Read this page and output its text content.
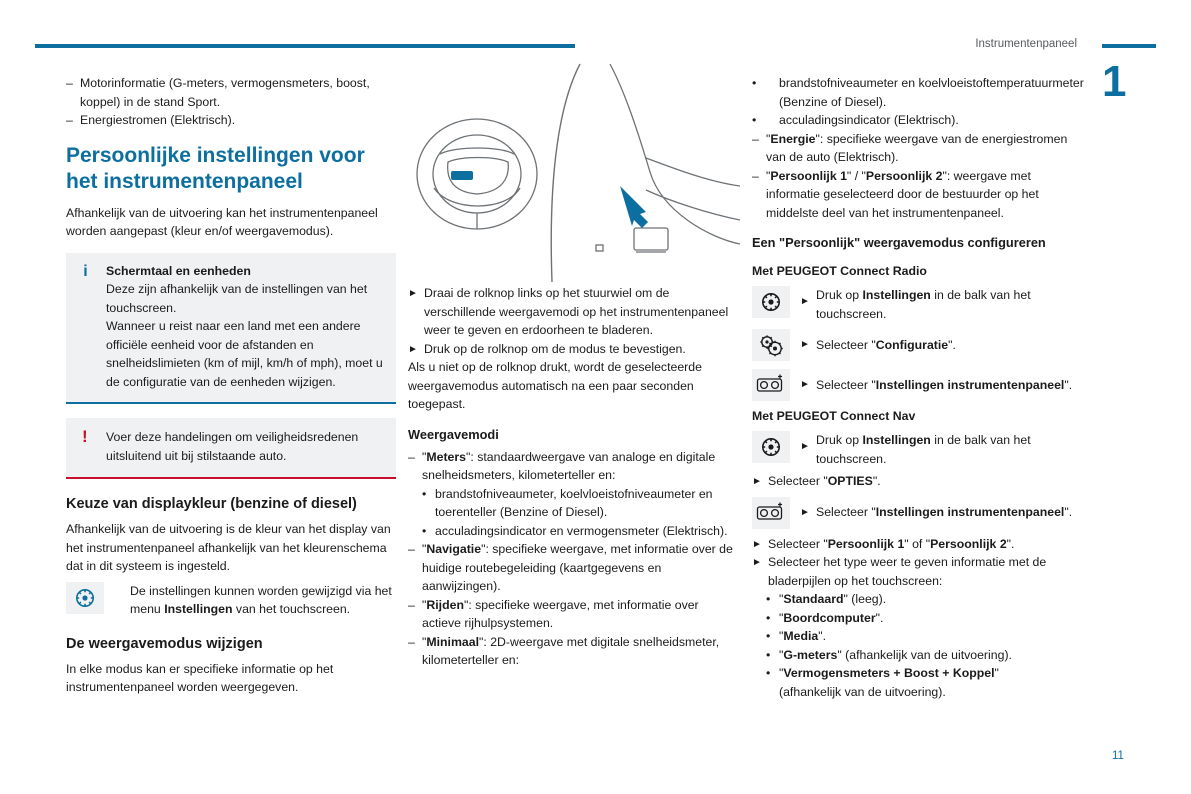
Instrumentenpaneel
1
11
– Motorinformatie (G-meters, vermogensmeters, boost, koppel) in de stand Sport.
– Energiestromen (Elektrisch).
Persoonlijke instellingen voor het instrumentenpaneel

Afhankelijk van de uitvoering kan het instrumentenpaneel worden aangepast (kleur en/of weergavemodus).

i Schermtaal en eenheden
Deze zijn afhankelijk van de instellingen van het touchscreen.
Wanneer u reist naar een land met een andere officiële eenheid voor de afstanden en snelheidslimieten (km of mijl, km/h of mph), moet u de configuratie van de eenheden wijzigen.
! Voer deze handelingen om veiligheidsredenen uitsluitend uit bij stilstaande auto.
Keuze van displaykleur (benzine of diesel)

Afhankelijk van de uitvoering is de kleur van het display van het instrumentenpaneel afhankelijk van het kleurenschema dat in dit systeem is ingesteld.

De instellingen kunnen worden gewijzigd via het menu Instellingen van het touchscreen.
De weergavemodus wijzigen

In elke modus kan er specifieke informatie op het instrumentenpaneel worden weergegeven.

► Draai de rolknop links op het stuurwiel om de verschillende weergavemodi op het instrumentenpaneel weer te geven en erdoorheen te bladeren.
► Druk op de rolknop om de modus te bevestigen.

Als u niet op de rolknop drukt, wordt de geselecteerde weergavemodus automatisch na een paar seconden toegepast.

Weergavemodi
– "Meters": standaardweergave van analoge en digitale snelheidsmeters, kilometerteller en:
• brandstofniveaumeter, koelvloeistofniveaumeter en toerenteller (Benzine of Diesel).
• acculadingsindicator en vermogensmeter (Elektrisch).
– "Navigatie": specifieke weergave, met informatie over de huidige routebegeleiding (kaartgegevens en aanwijzingen).
– "Rijden": specifieke weergave, met informatie over actieve rijhulpsystemen.
– "Minimaal": 2D-weergave met digitale snelheidsmeter, kilometerteller en:
• brandstofniveaumeter en koelvloeistoftemperatuurmeter (Benzine of Diesel).
• acculadingsindicator (Elektrisch).
– "Energie": specifieke weergave van de energiestromen van de auto (Elektrisch).
– "Persoonlijk 1" / "Persoonlijk 2": weergave met informatie geselecteerd door de bestuurder op het middelste deel van het instrumentenpaneel.
Een "Persoonlijk" weergavemodus configureren
Met PEUGEOT Connect Radio
► Druk op Instellingen in de balk van het touchscreen.
► Selecteer "Configuratie".
► Selecteer "Instellingen instrumentenpaneel".
Met PEUGEOT Connect Nav
► Druk op Instellingen in de balk van het touchscreen.
► Selecteer "OPTIES".
► Selecteer "Instellingen instrumentenpaneel".
► Selecteer "Persoonlijk 1" of "Persoonlijk 2".
► Selecteer het type weer te geven informatie met de bladerpijlen op het touchscreen:
• "Standaard" (leeg).
• "Boordcomputer".
• "Media".
• "G-meters" (afhankelijk van de uitvoering).
• "Vermogensmeters + Boost + Koppel"
(afhankelijk van de uitvoering).
